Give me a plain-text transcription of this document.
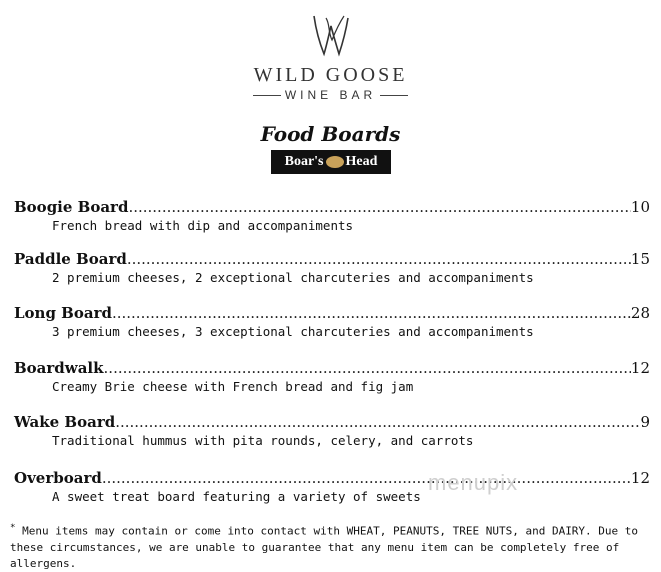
WILD GOOSE
WINE BAR
Food Boards
Boar's Head
Boogie Board .....	10
French bread with dip and accompaniments
Paddle Board .....	15
2 premium cheeses, 2 exceptional charcuteries and accompaniments
Long Board .....	28
3 premium cheeses, 3 exceptional charcuteries and accompaniments
Boardwalk .....	12
Creamy Brie cheese with French bread and fig jam
Wake Board .....	9
Traditional hummus with pita rounds, celery, and carrots
Overboard .....	12
A sweet treat board featuring a variety of sweets
menupix
* Menu items may contain or come into contact with WHEAT, PEANUTS, TREE NUTS, and DAIRY. Due to these circumstances, we are unable to guarantee that any menu item can be completely free of allergens.
